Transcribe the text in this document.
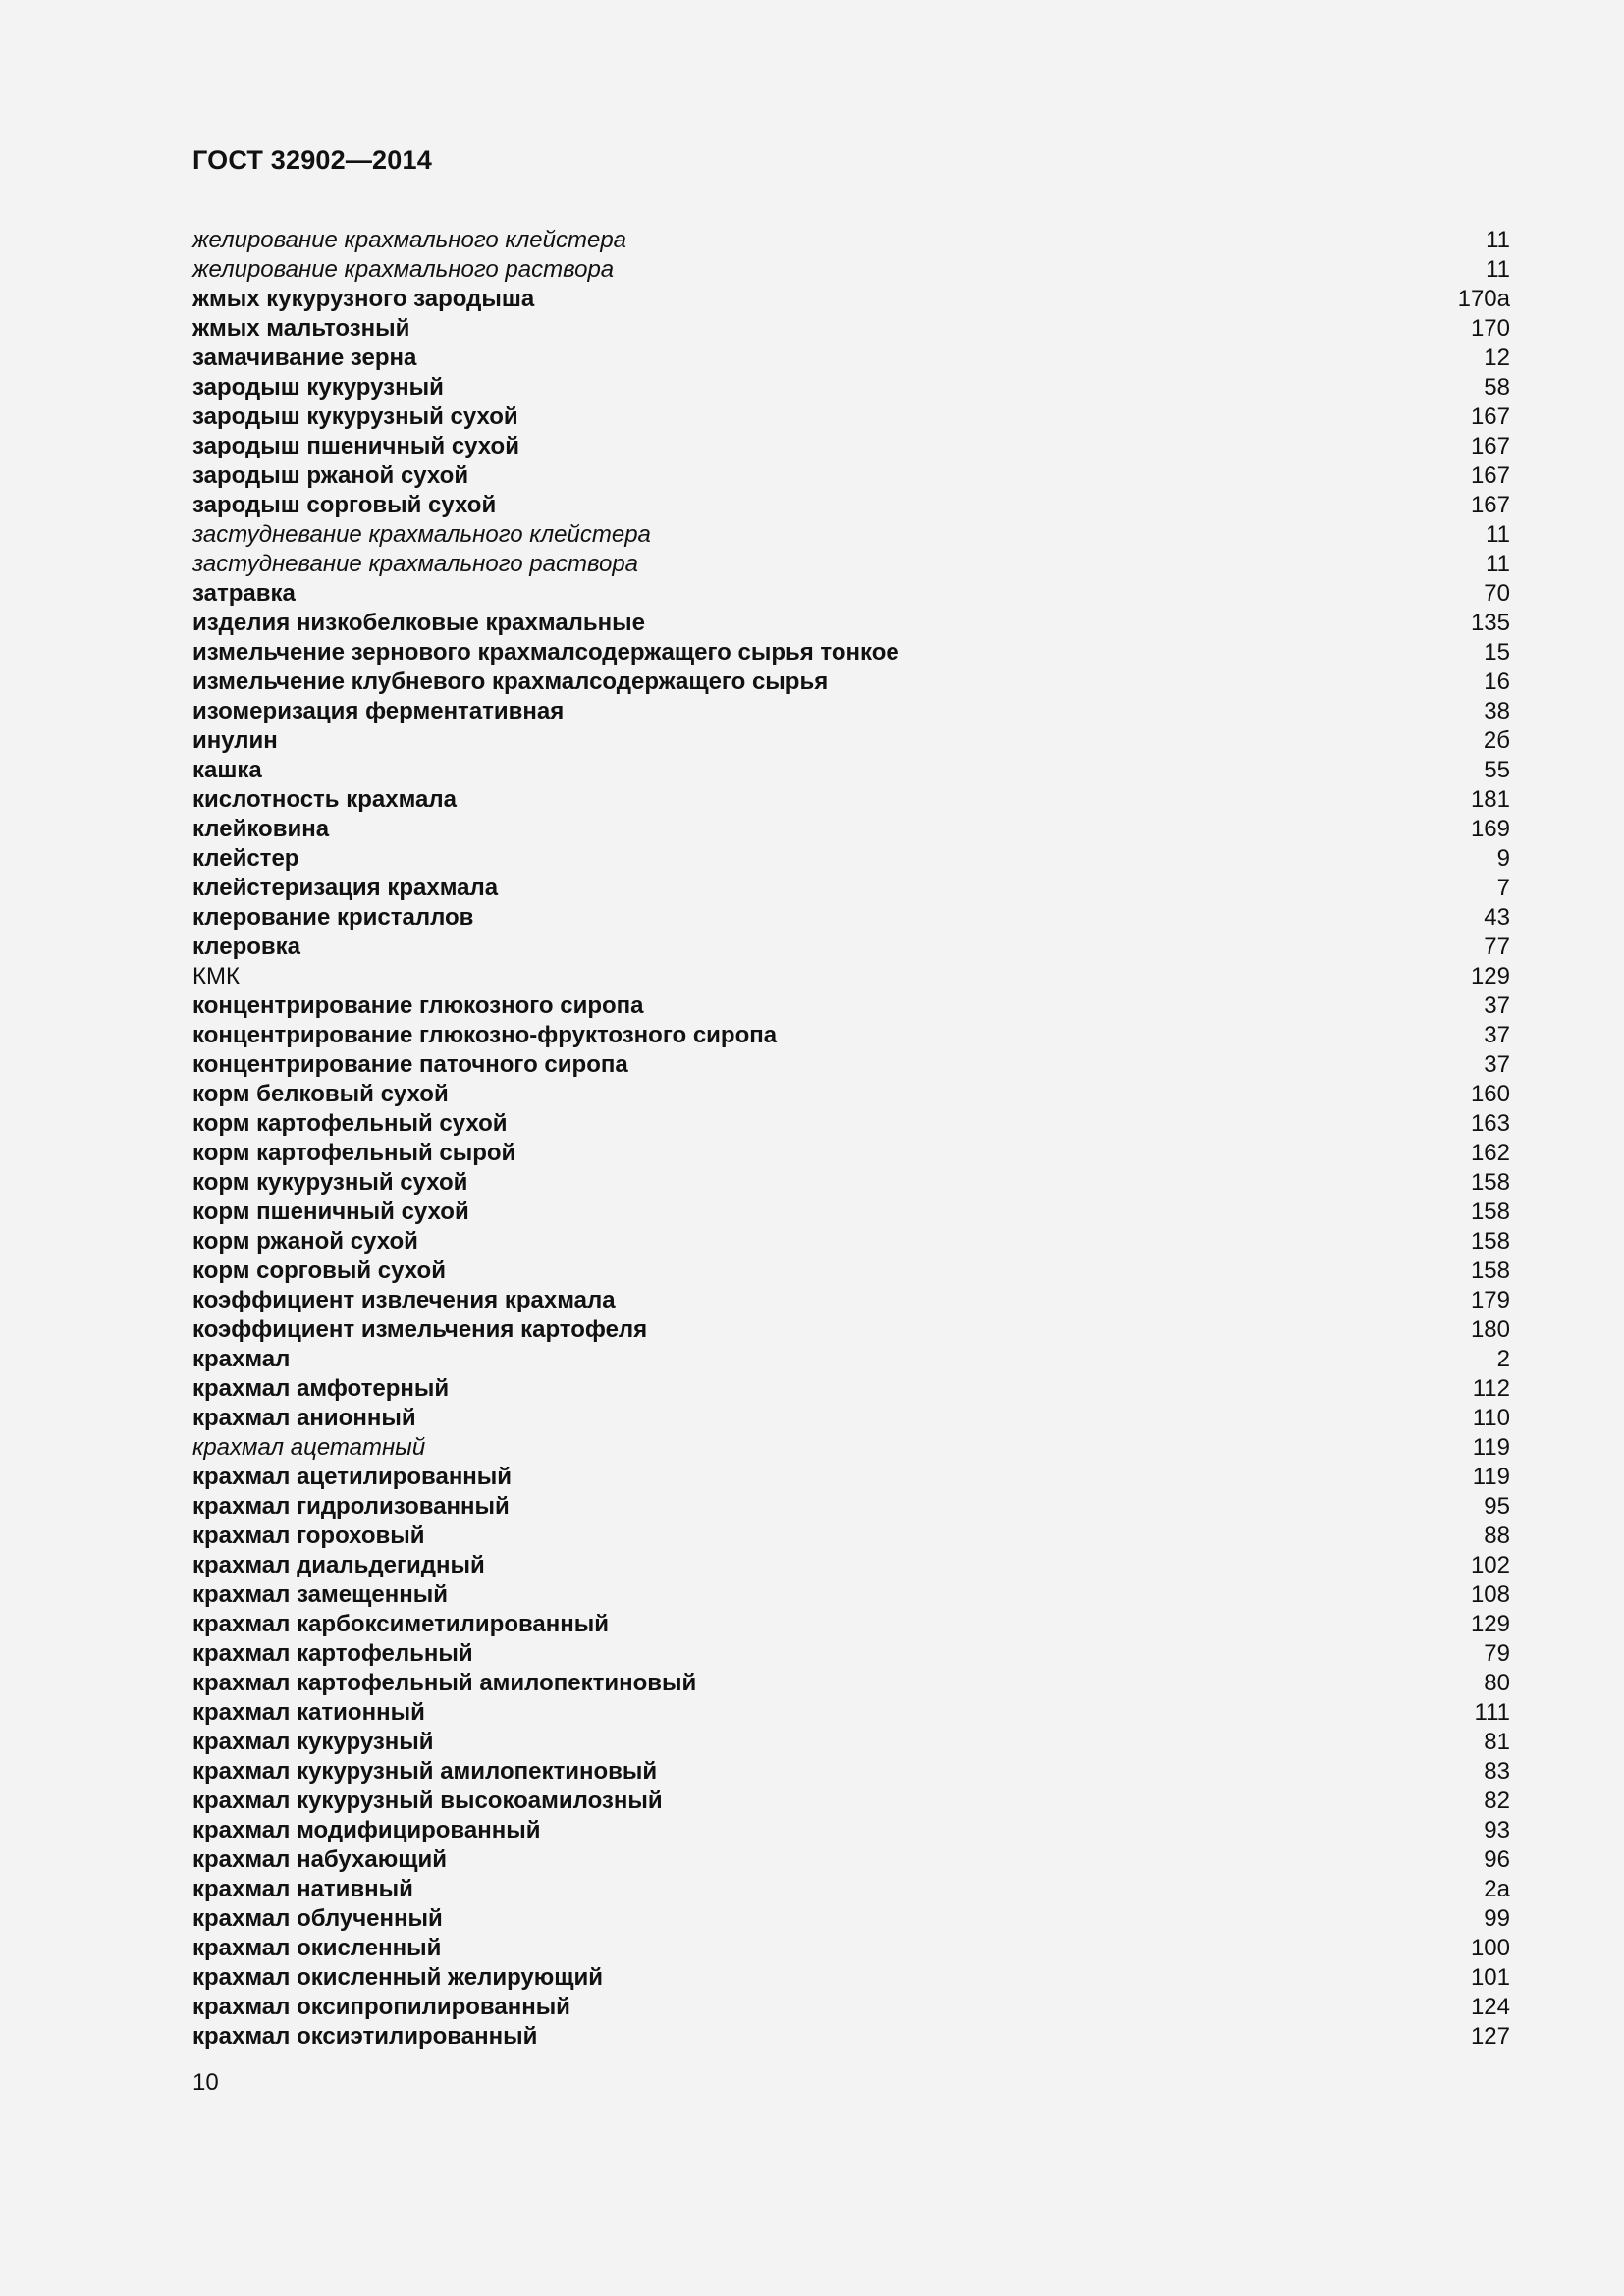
ГОСТ 32902—2014
желирование крахмального клейстера	11
желирование крахмального раствора	11
жмых кукурузного зародыша	170а
жмых мальтозный	170
замачивание зерна	12
зародыш кукурузный	58
зародыш кукурузный сухой	167
зародыш пшеничный сухой	167
зародыш ржаной сухой	167
зародыш сорговый сухой	167
застудневание крахмального клейстера	11
застудневание крахмального раствора	11
затравка	70
изделия низкобелковые крахмальные	135
измельчение зернового крахмалсодержащего сырья тонкое	15
измельчение клубневого крахмалсодержащего сырья	16
изомеризация ферментативная	38
инулин	2б
кашка	55
кислотность крахмала	181
клейковина	169
клейстер	9
клейстеризация крахмала	7
клерование кристаллов	43
клеровка	77
КМК	129
концентрирование глюкозного сиропа	37
концентрирование глюкозно-фруктозного сиропа	37
концентрирование паточного сиропа	37
корм белковый сухой	160
корм картофельный сухой	163
корм картофельный сырой	162
корм кукурузный сухой	158
корм пшеничный сухой	158
корм ржаной сухой	158
корм сорговый сухой	158
коэффициент извлечения крахмала	179
коэффициент измельчения картофеля	180
крахмал	2
крахмал амфотерный	112
крахмал анионный	110
крахмал ацетатный	119
крахмал ацетилированный	119
крахмал гидролизованный	95
крахмал гороховый	88
крахмал диальдегидный	102
крахмал замещенный	108
крахмал карбоксиметилированный	129
крахмал картофельный	79
крахмал картофельный амилопектиновый	80
крахмал катионный	111
крахмал кукурузный	81
крахмал кукурузный амилопектиновый	83
крахмал кукурузный высокоамилозный	82
крахмал модифицированный	93
крахмал набухающий	96
крахмал нативный	2а
крахмал облученный	99
крахмал окисленный	100
крахмал окисленный желирующий	101
крахмал оксипропилированный	124
крахмал оксиэтилированный	127
10
